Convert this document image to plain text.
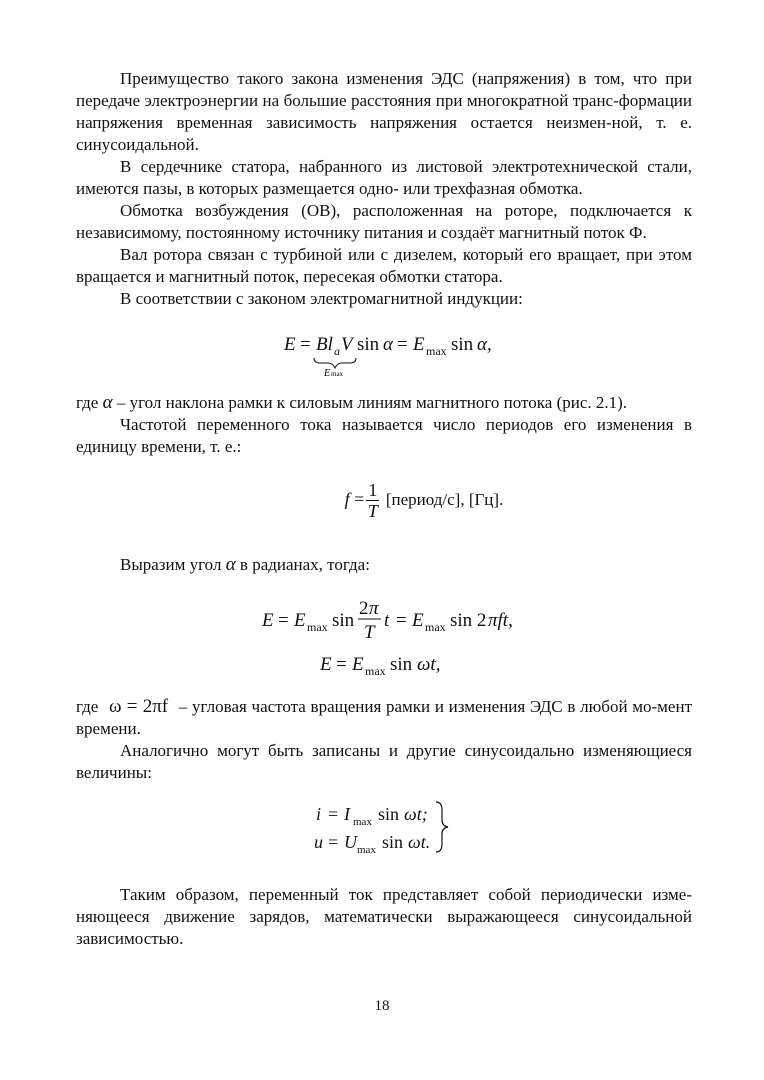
Преимущество такого закона изменения ЭДС (напряжения) в том, что при передаче электроэнергии на большие расстояния при многократной транс-формации напряжения временная зависимость напряжения остается неизмен-ной, т. е. синусоидальной.

В сердечнике статора, набранного из листовой электротехнической стали, имеются пазы, в которых размещается одно- или трехфазная обмотка.

Обмотка возбуждения (ОВ), расположенная на роторе, подключается к независимому, постоянному источнику питания и создаёт магнитный поток Ф.

Вал ротора связан с турбиной или с дизелем, который его вращает, при этом вращается и магнитный поток, пересекая обмотки статора.

В соответствии с законом электромагнитной индукции:

E = Bl a V sin α = E max sin α,
E max

где α – угол наклона рамки к силовым линиям магнитного потока (рис. 2.1).

Частотой переменного тока называется число периодов его изменения в единицу времени, т. е.:

$f = \frac{1}{T}$ [период/с], [Гц].

Выразим угол α в радианах, тогда:

E = E max sin
2 π
T
t = E max sin 2 πft,
E = E max sin ωt,

где ω = 2πf – угловая частота вращения рамки и изменения ЭДС в любой мо-мент времени.

Аналогично могут быть записаны и другие синусоидально изменяющиеся величины:

i = I max sin ωt;
u = U max sin ωt.

Таким образом, переменный ток представляет собой периодически изме-няющееся движение зарядов, математически выражающееся синусоидальной зависимостью.

18
